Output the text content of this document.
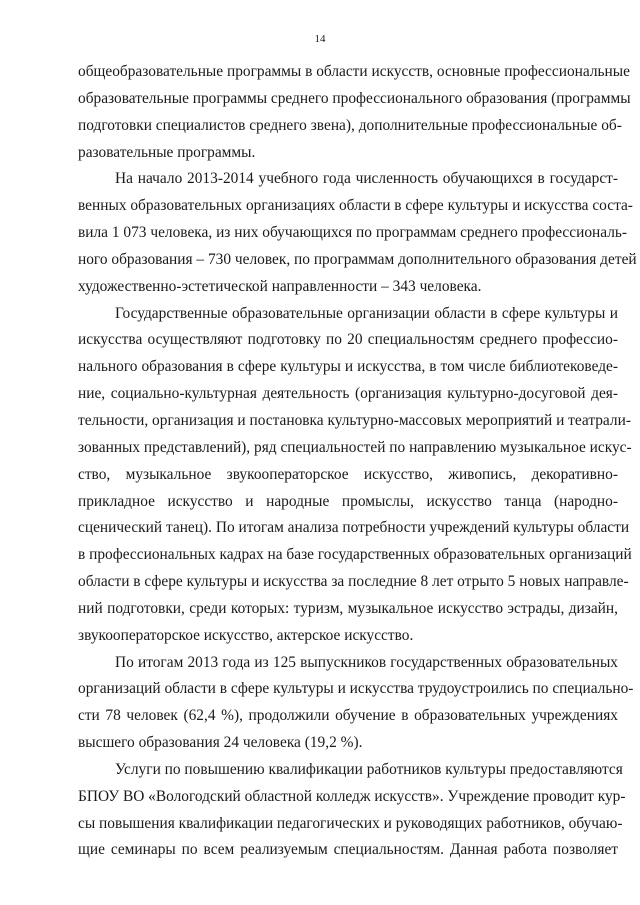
14
общеобразовательные программы в области искусств, основные профессиональные
образовательные программы среднего профессионального образования (программы
подготовки специалистов среднего звена), дополнительные профессиональные об-
разовательные программы.
На начало 2013-2014 учебного года численность обучающихся в государст-
венных образовательных организациях области в сфере культуры и искусства соста-
вила 1 073 человека, из них обучающихся по программам среднего профессиональ-
ного образования – 730 человек, по программам дополнительного образования детей
художественно-эстетической направленности – 343 человека.
Государственные образовательные организации области в сфере культуры и
искусства осуществляют подготовку по 20 специальностям среднего профессио-
нального образования в сфере культуры и искусства, в том числе библиотековеде-
ние, социально-культурная деятельность (организация культурно-досуговой дея-
тельности, организация и постановка культурно-массовых мероприятий и театрали-
зованных представлений), ряд специальностей по направлению музыкальное искус-
ство, музыкальное звукооператорское искусство, живопись, декоративно-
прикладное искусство и народные промыслы, искусство танца (народно-
сценический танец). По итогам анализа потребности учреждений культуры области
в профессиональных кадрах на базе государственных образовательных организаций
области в сфере культуры и искусства за последние 8 лет отрыто 5 новых направле-
ний подготовки, среди которых: туризм, музыкальное искусство эстрады, дизайн,
звукооператорское искусство, актерское искусство.
По итогам 2013 года из 125 выпускников государственных образовательных
организаций области в сфере культуры и искусства трудоустроились по специально-
сти 78 человек (62,4 %), продолжили обучение в образовательных учреждениях
высшего образования 24 человека (19,2 %).
Услуги по повышению квалификации работников культуры предоставляются
БПОУ ВО «Вологодский областной колледж искусств». Учреждение проводит кур-
сы повышения квалификации педагогических и руководящих работников, обучаю-
щие семинары по всем реализуемым специальностям. Данная работа позволяет
